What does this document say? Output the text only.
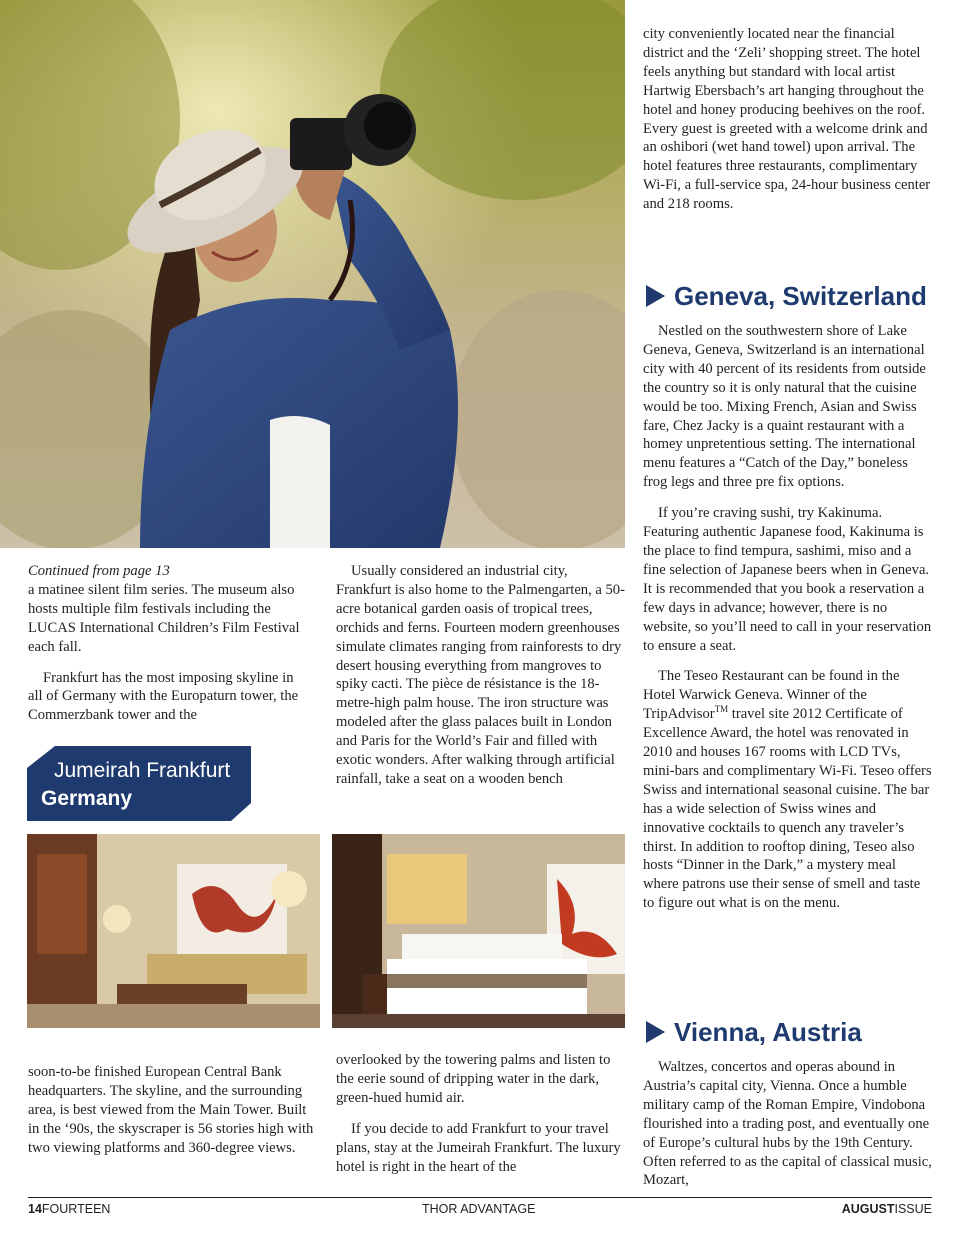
Continued from page 13

a matinee silent film series. The museum also hosts multiple film festivals including the LUCAS International Children’s Film Festival each fall.

Frankfurt has the most imposing skyline in all of Germany with the Europaturn tower, the Commerzbank tower and the

Usually considered an industrial city, Frankfurt is also home to the Palmengarten, a 50-acre botanical garden oasis of tropical trees, orchids and ferns. Fourteen modern greenhouses simulate climates ranging from rainforests to dry desert housing everything from mangroves to spiky cacti. The pièce de résistance is the 18-metre-high palm house. The iron structure was modeled after the glass palaces built in London and Paris for the World’s Fair and filled with exotic wonders. After walking through artificial rainfall, take a seat on a wooden bench

Jumeirah Frankfurt
Germany

soon-to-be finished European Central Bank headquarters. The skyline, and the surrounding area, is best viewed from the Main Tower. Built in the ‘90s, the skyscraper is 56 stories high with two viewing platforms and 360-degree views.

overlooked by the towering palms and listen to the eerie sound of dripping water in the dark, green-hued humid air.

If you decide to add Frankfurt to your travel plans, stay at the Jumeirah Frankfurt. The luxury hotel is right in the heart of the

city conveniently located near the financial district and the ‘Zeli’ shopping street. The hotel feels anything but standard with local artist Hartwig Ebersbach’s art hanging throughout the hotel and honey producing beehives on the roof. Every guest is greeted with a welcome drink and an oshibori (wet hand towel) upon arrival. The hotel features three restaurants, complimentary Wi-Fi, a full-service spa, 24-hour business center and 218 rooms.

Geneva, Switzerland

Nestled on the southwestern shore of Lake Geneva, Geneva, Switzerland is an international city with 40 percent of its residents from outside the country so it is only natural that the cuisine would be too. Mixing French, Asian and Swiss fare, Chez Jacky is a quaint restaurant with a homey unpretentious setting. The international menu features a “Catch of the Day,” boneless frog legs and three pre fix options.

If you’re craving sushi, try Kakinuma. Featuring authentic Japanese food, Kakinuma is the place to find tempura, sashimi, miso and a fine selection of Japanese beers when in Geneva. It is recommended that you book a reservation a few days in advance; however, there is no website, so you’ll need to call in your reservation to ensure a seat.

The Teseo Restaurant can be found in the Hotel Warwick Geneva. Winner of the TripAdvisor™ travel site 2012 Certificate of Excellence Award, the hotel was renovated in 2010 and houses 167 rooms with LCD TVs, mini-bars and complimentary Wi-Fi. Teseo offers Swiss and international seasonal cuisine. The bar has a wide selection of Swiss wines and innovative cocktails to quench any traveler’s thirst. In addition to rooftop dining, Teseo also hosts “Dinner in the Dark,” a mystery meal where patrons use their sense of smell and taste to figure out what is on the menu.

Vienna, Austria

Waltzes, concertos and operas abound in Austria’s capital city, Vienna. Once a humble military camp of the Roman Empire, Vindobona flourished into a trading post, and eventually one of Europe’s cultural hubs by the 19th Century. Often referred to as the capital of classical music, Mozart,

14FOURTEEN	THOR ADVANTAGE	AUGUSTISSUE
